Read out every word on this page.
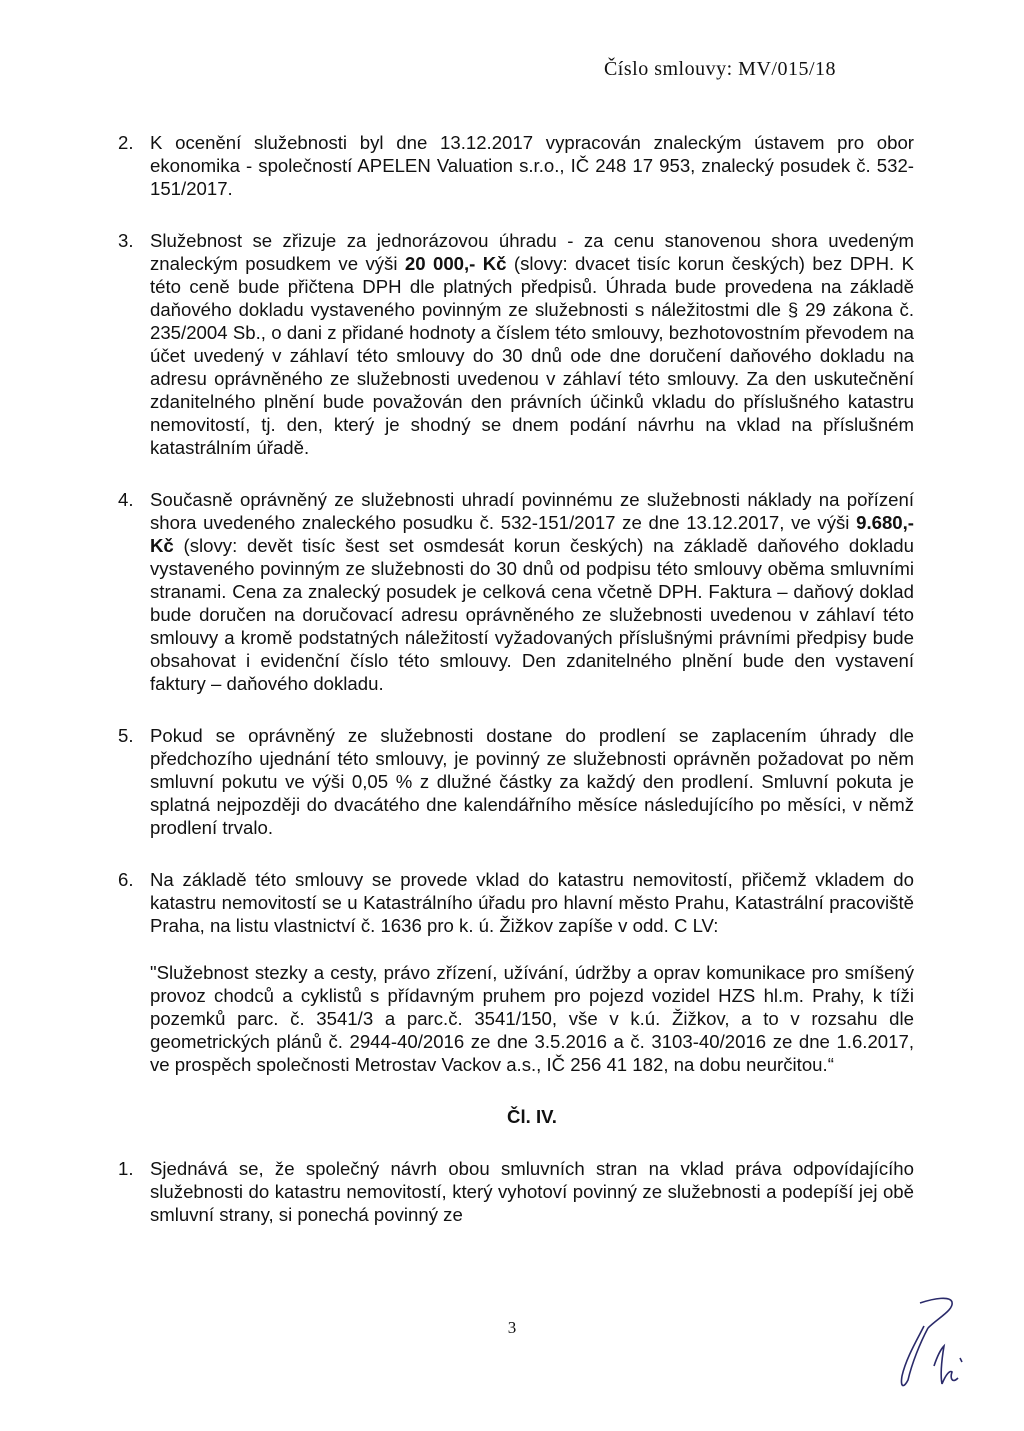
Číslo smlouvy: MV/015/18
2. K ocenění služebnosti byl dne 13.12.2017 vypracován znaleckým ústavem pro obor ekonomika - společností APELEN Valuation s.r.o., IČ 248 17 953, znalecký posudek č. 532-151/2017.
3. Služebnost se zřizuje za jednorázovou úhradu - za cenu stanovenou shora uvedeným znaleckým posudkem ve výši 20 000,- Kč (slovy: dvacet tisíc korun českých) bez DPH. K této ceně bude přičtena DPH dle platných předpisů. Úhrada bude provedena na základě daňového dokladu vystaveného povinným ze služebnosti s náležitostmi dle § 29 zákona č. 235/2004 Sb., o dani z přidané hodnoty a číslem této smlouvy, bezhotovostním převodem na účet uvedený v záhlaví této smlouvy do 30 dnů ode dne doručení daňového dokladu na adresu oprávněného ze služebnosti uvedenou v záhlaví této smlouvy. Za den uskutečnění zdanitelného plnění bude považován den právních účinků vkladu do příslušného katastru nemovitostí, tj. den, který je shodný se dnem podání návrhu na vklad na příslušném katastrálním úřadě.
4. Současně oprávněný ze služebnosti uhradí povinnému ze služebnosti náklady na pořízení shora uvedeného znaleckého posudku č. 532-151/2017 ze dne 13.12.2017, ve výši 9.680,- Kč (slovy: devět tisíc šest set osmdesát korun českých) na základě daňového dokladu vystaveného povinným ze služebnosti do 30 dnů od podpisu této smlouvy oběma smluvními stranami. Cena za znalecký posudek je celková cena včetně DPH. Faktura – daňový doklad bude doručen na doručovací adresu oprávněného ze služebnosti uvedenou v záhlaví této smlouvy a kromě podstatných náležitostí vyžadovaných příslušnými právními předpisy bude obsahovat i evidenční číslo této smlouvy. Den zdanitelného plnění bude den vystavení faktury – daňového dokladu.
5. Pokud se oprávněný ze služebnosti dostane do prodlení se zaplacením úhrady dle předchozího ujednání této smlouvy, je povinný ze služebnosti oprávněn požadovat po něm smluvní pokutu ve výši 0,05 % z dlužné částky za každý den prodlení. Smluvní pokuta je splatná nejpozději do dvacátého dne kalendářního měsíce následujícího po měsíci, v němž prodlení trvalo.
6. Na základě této smlouvy se provede vklad do katastru nemovitostí, přičemž vkladem do katastru nemovitostí se u Katastrálního úřadu pro hlavní město Prahu, Katastrální pracoviště Praha, na listu vlastnictví č. 1636 pro k. ú. Žižkov zapíše v odd. C LV:
"Služebnost stezky a cesty, právo zřízení, užívání, údržby a oprav komunikace pro smíšený provoz chodců a cyklistů s přídavným pruhem pro pojezd vozidel HZS hl.m. Prahy, k tíži pozemků parc. č. 3541/3 a parc.č. 3541/150, vše v k.ú. Žižkov, a to v rozsahu dle geometrických plánů č. 2944-40/2016 ze dne 3.5.2016 a č. 3103-40/2016 ze dne 1.6.2017, ve prospěch společnosti Metrostav Vackov a.s., IČ 256 41 182, na dobu neurčitou.“
Čl. IV.
1. Sjednává se, že společný návrh obou smluvních stran na vklad práva odpovídajícího služebnosti do katastru nemovitostí, který vyhotoví povinný ze služebnosti a podepíší jej obě smluvní strany, si ponechá povinný ze
3
